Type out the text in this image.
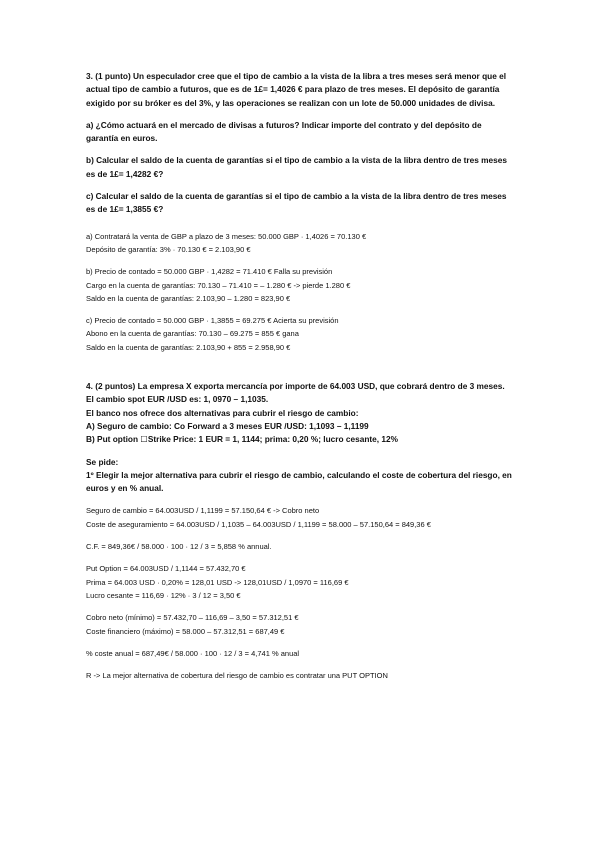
3. (1 punto) Un especulador cree que el tipo de cambio a la vista de la libra a tres meses será menor que el actual tipo de cambio a futuros, que es de 1£= 1,4026 € para plazo de tres meses. El depósito de garantía exigido por su bróker es del 3%, y las operaciones se realizan con un lote de 50.000 unidades de divisa.
a) ¿Cómo actuará en el mercado de divisas a futuros? Indicar importe del contrato y del depósito de garantía en euros.
b) Calcular el saldo de la cuenta de garantías si el tipo de cambio a la vista de la libra dentro de tres meses es de 1£= 1,4282 €?
c) Calcular el saldo de la cuenta de garantías si el tipo de cambio a la vista de la libra dentro de tres meses es de 1£= 1,3855 €?
a) Contratará la venta de GBP a plazo de 3 meses: 50.000 GBP · 1,4026 = 70.130 €
Depósito de garantía: 3% · 70.130 € = 2.103,90 €
b) Precio de contado = 50.000 GBP · 1,4282 = 71.410 € Falla su previsión
Cargo en la cuenta de garantías: 70.130 – 71.410 = – 1.280 € -> pierde 1.280 €
Saldo en la cuenta de garantías: 2.103,90 – 1.280 = 823,90 €
c) Precio de contado = 50.000 GBP · 1,3855 = 69.275 € Acierta su previsión
Abono en la cuenta de garantías: 70.130 – 69.275 = 855 € gana
Saldo en la cuenta de garantías: 2.103,90 + 855 = 2.958,90 €
4. (2 puntos) La empresa X exporta mercancía por importe de 64.003 USD, que cobrará dentro de 3 meses. El cambio spot EUR /USD es: 1, 0970 – 1,1035.
El banco nos ofrece dos alternativas para cubrir el riesgo de cambio:
A) Seguro de cambio: Co Forward a 3 meses EUR /USD: 1,1093 – 1,1199
B) Put option ☐Strike Price: 1 EUR = 1, 1144; prima: 0,20 %; lucro cesante, 12%
Se pide:
1º Elegir la mejor alternativa para cubrir el riesgo de cambio, calculando el coste de cobertura del riesgo, en euros y en % anual.
Seguro de cambio = 64.003USD / 1,1199 = 57.150,64 € -> Cobro neto
Coste de aseguramiento = 64.003USD / 1,1035 – 64.003USD / 1,1199 = 58.000 – 57.150,64 = 849,36 €
C.F. = 849,36€ / 58.000 · 100 · 12 / 3 = 5,858 % annual.
Put Option = 64.003USD / 1,1144 = 57.432,70 €
Prima = 64.003 USD · 0,20% = 128,01 USD -> 128,01USD / 1,0970 = 116,69 €
Lucro cesante = 116,69 · 12% · 3 / 12 = 3,50 €
Cobro neto (mínimo) = 57.432,70 – 116,69 – 3,50 = 57.312,51 €
Coste financiero (máximo) = 58.000 – 57.312,51 = 687,49 €
% coste anual = 687,49€ / 58.000 · 100 · 12 / 3 = 4,741 % anual
R -> La mejor alternativa de cobertura del riesgo de cambio es contratar una PUT OPTION
